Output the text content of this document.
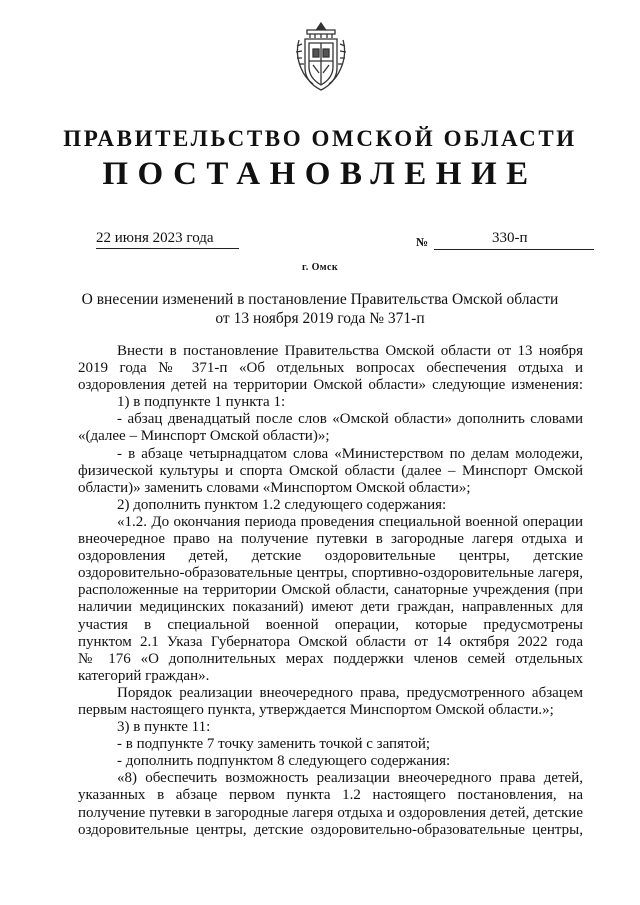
ПРАВИТЕЛЬСТВО ОМСКОЙ ОБЛАСТИ
ПОСТАНОВЛЕНИЕ
22 июня 2023 года	№	330-п
г. Омск
О внесении изменений в постановление Правительства Омской области
от 13 ноября 2019 года № 371-п
Внести в постановление Правительства Омской области от 13 ноября
2019 года № 371-п «Об отдельных вопросах обеспечения отдыха и
оздоровления детей на территории Омской области» следующие изменения:
1) в подпункте 1 пункта 1:
- абзац двенадцатый после слов «Омской области» дополнить словами
«(далее – Минспорт Омской области)»;
- в абзаце четырнадцатом слова «Министерством по делам молодежи,
физической культуры и спорта Омской области (далее – Минспорт Омской
области)» заменить словами «Минспортом Омской области»;
2) дополнить пунктом 1.2 следующего содержания:
«1.2. До окончания периода проведения специальной военной операции
внеочередное право на получение путевки в загородные лагеря отдыха и
оздоровления детей, детские оздоровительные центры, детские
оздоровительно-образовательные центры, спортивно-оздоровительные лагеря,
расположенные на территории Омской области, санаторные учреждения (при
наличии медицинских показаний) имеют дети граждан, направленных для
участия в специальной военной операции, которые предусмотрены
пунктом 2.1 Указа Губернатора Омской области от 14 октября 2022 года
№ 176 «О дополнительных мерах поддержки членов семей отдельных
категорий граждан».
Порядок реализации внеочередного права, предусмотренного абзацем
первым настоящего пункта, утверждается Минспортом Омской области.»;
3) в пункте 11:
- в подпункте 7 точку заменить точкой с запятой;
- дополнить подпунктом 8 следующего содержания:
«8) обеспечить возможность реализации внеочередного права детей,
указанных в абзаце первом пункта 1.2 настоящего постановления, на
получение путевки в загородные лагеря отдыха и оздоровления детей, детские
оздоровительные центры, детские оздоровительно-образовательные центры,
